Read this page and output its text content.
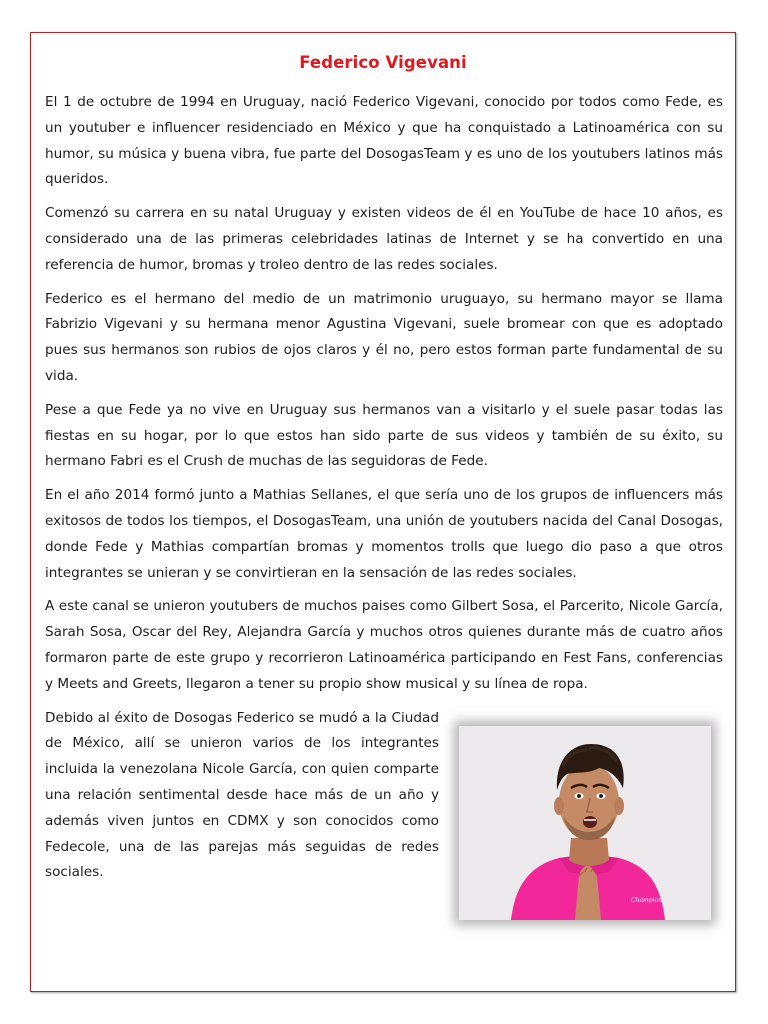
Federico Vigevani

El 1 de octubre de 1994 en Uruguay, nació Federico Vigevani, conocido por todos como Fede, es un youtuber e influencer residenciado en México y que ha conquistado a Latinoamérica con su humor, su música y buena vibra, fue parte del DosogasTeam y es uno de los youtubers latinos más queridos.

Comenzó su carrera en su natal Uruguay y existen videos de él en YouTube de hace 10 años, es considerado una de las primeras celebridades latinas de Internet y se ha convertido en una referencia de humor, bromas y troleo dentro de las redes sociales.

Federico es el hermano del medio de un matrimonio uruguayo, su hermano mayor se llama Fabrizio Vigevani y su hermana menor Agustina Vigevani, suele bromear con que es adoptado pues sus hermanos son rubios de ojos claros y él no, pero estos forman parte fundamental de su vida.

Pese a que Fede ya no vive en Uruguay sus hermanos van a visitarlo y el suele pasar todas las fiestas en su hogar, por lo que estos han sido parte de sus videos y también de su éxito, su hermano Fabri es el Crush de muchas de las seguidoras de Fede.

En el año 2014 formó junto a Mathias Sellanes, el que sería uno de los grupos de influencers más exitosos de todos los tiempos, el DosogasTeam, una unión de youtubers nacida del Canal Dosogas, donde Fede y Mathias compartían bromas y momentos trolls que luego dio paso a que otros integrantes se unieran y se convirtieran en la sensación de las redes sociales.

A este canal se unieron youtubers de muchos paises como Gilbert Sosa, el Parcerito, Nicole García, Sarah Sosa, Oscar del Rey, Alejandra García y muchos otros quienes durante más de cuatro años formaron parte de este grupo y recorrieron Latinoamérica participando en Fest Fans, conferencias y Meets and Greets, llegaron a tener su propio show musical y su línea de ropa.

Champion

Debido al éxito de Dosogas Federico se mudó a la Ciudad de México, allí se unieron varios de los integrantes incluida la venezolana Nicole García, con quien comparte una relación sentimental desde hace más de un año y además viven juntos en CDMX y son conocidos como Fedecole, una de las parejas más seguidas de redes sociales.
